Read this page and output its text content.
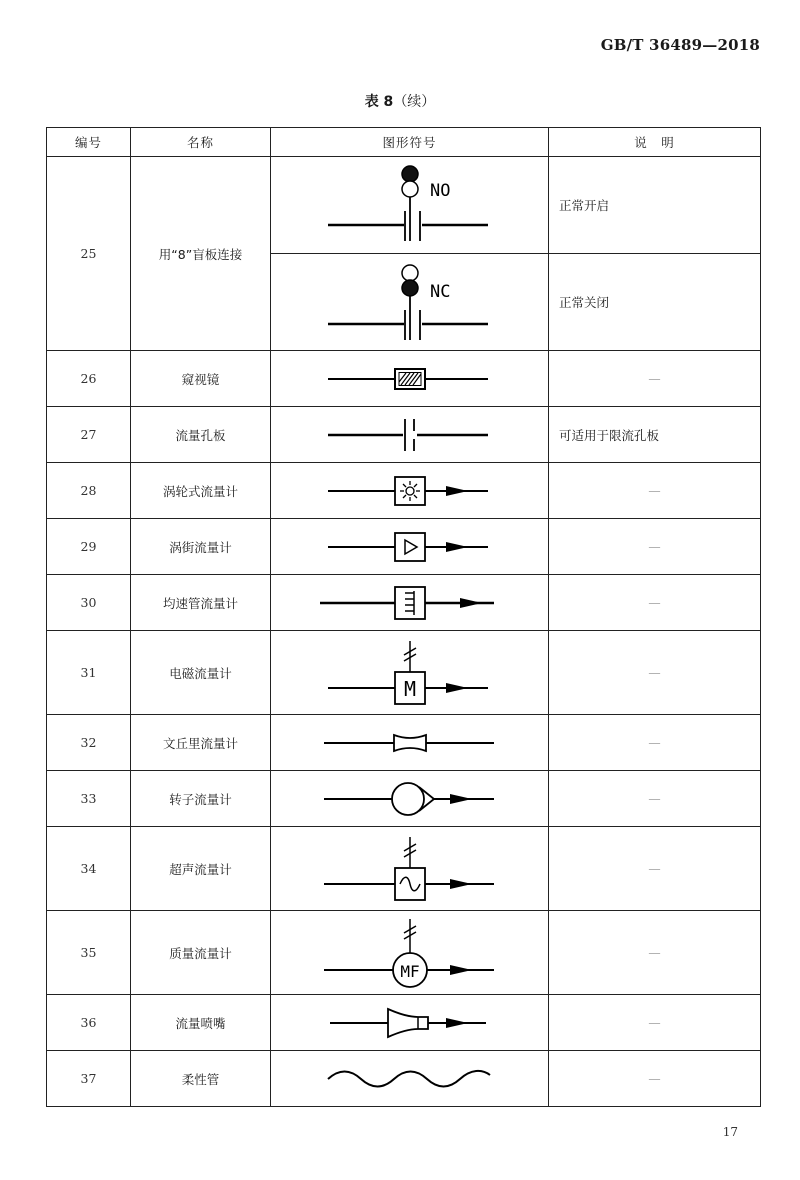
GB/T 36489—2018
表 8（续）
编号	名称	图形符号	说　明
25	用“8”盲板连接	NO	正常开启

NC	正常关闭
26	窥视镜		—
27	流量孔板		可适用于限流孔板
28	涡轮式流量计		—
29	涡街流量计		—
30	均速管流量计		—
31	电磁流量计	M	—
32	文丘里流量计		—
33	转子流量计		—
34	超声流量计		—
35	质量流量计	MF	—
36	流量喷嘴		—
37	柔性管		—
17
